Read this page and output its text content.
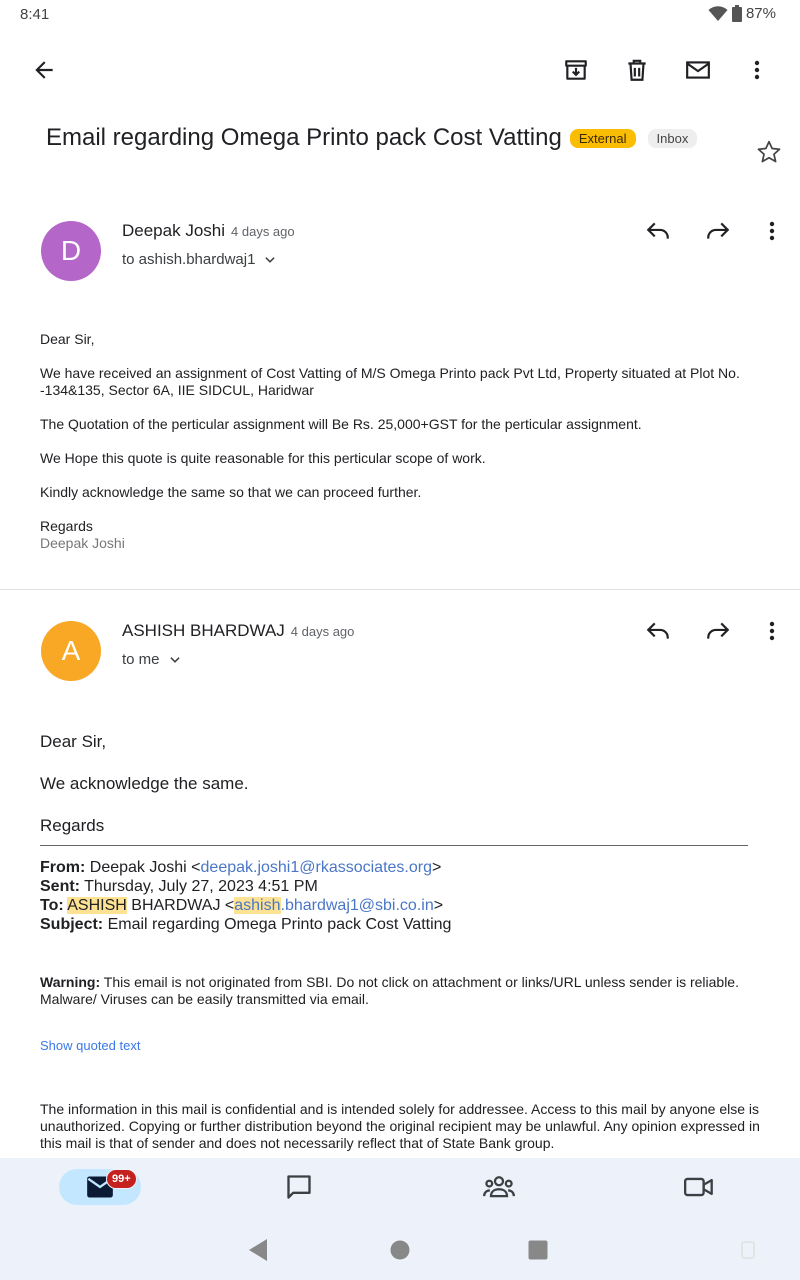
8:41	87%
Email regarding Omega Printo pack Cost Vatting	External	Inbox
D
Deepak Joshi 4 days ago
to ashish.bhardwaj1

Dear Sir,

We have received an assignment of Cost Vatting of M/S Omega Printo pack Pvt Ltd, Property situated at Plot No. -134&135, Sector 6A, IIE SIDCUL, Haridwar

The Quotation of the perticular assignment will Be Rs. 25,000+GST for the perticular assignment.

We Hope this quote is quite reasonable for this perticular scope of work.

Kindly acknowledge the same so that we can proceed further.

Regards
Deepak Joshi
A
ASHISH BHARDWAJ 4 days ago
to me
Dear Sir,
We acknowledge the same.
Regards
From: Deepak Joshi <deepak.joshi1@rkassociates.org>
Sent: Thursday, July 27, 2023 4:51 PM
To: ASHISH BHARDWAJ <ashish.bhardwaj1@sbi.co.in>
Subject: Email regarding Omega Printo pack Cost Vatting
Warning: This email is not originated from SBI. Do not click on attachment or links/URL unless sender is reliable. Malware/ Viruses can be easily transmitted via email.
Show quoted text
The information in this mail is confidential and is intended solely for addressee. Access to this mail by anyone else is unauthorized. Copying or further distribution beyond the original recipient may be unlawful. Any opinion expressed in this mail is that of sender and does not necessarily reflect that of State Bank group.
99+
